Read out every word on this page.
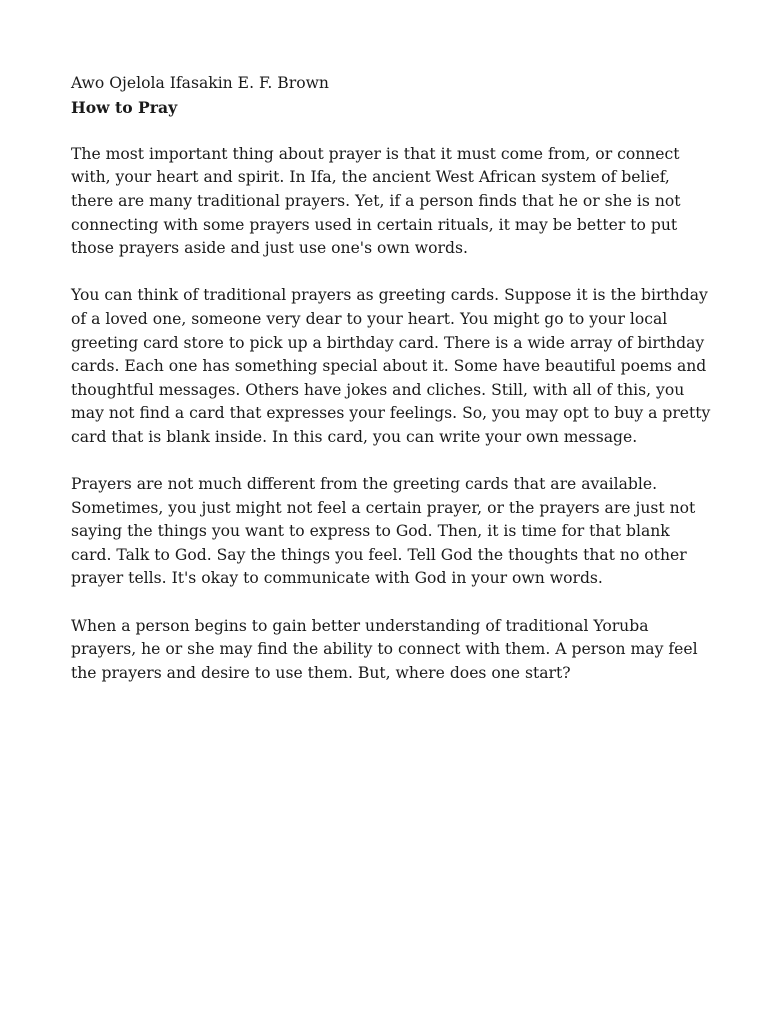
Awo Ojelola Ifasakin E. F. Brown

How to Pray

The most important thing about prayer is that it must come from, or connect with, your heart and spirit. In Ifa, the ancient West African system of belief, there are many traditional prayers. Yet, if a person finds that he or she is not connecting with some prayers used in certain rituals, it may be better to put those prayers aside and just use one's own words.

You can think of traditional prayers as greeting cards. Suppose it is the birthday of a loved one, someone very dear to your heart. You might go to your local greeting card store to pick up a birthday card. There is a wide array of birthday cards. Each one has something special about it. Some have beautiful poems and thoughtful messages. Others have jokes and cliches. Still, with all of this, you may not find a card that expresses your feelings. So, you may opt to buy a pretty card that is blank inside. In this card, you can write your own message.

Prayers are not much different from the greeting cards that are available. Sometimes, you just might not feel a certain prayer, or the prayers are just not saying the things you want to express to God. Then, it is time for that blank card. Talk to God. Say the things you feel. Tell God the thoughts that no other prayer tells. It's okay to communicate with God in your own words.

When a person begins to gain better understanding of traditional Yoruba prayers, he or she may find the ability to connect with them. A person may feel the prayers and desire to use them. But, where does one start?
